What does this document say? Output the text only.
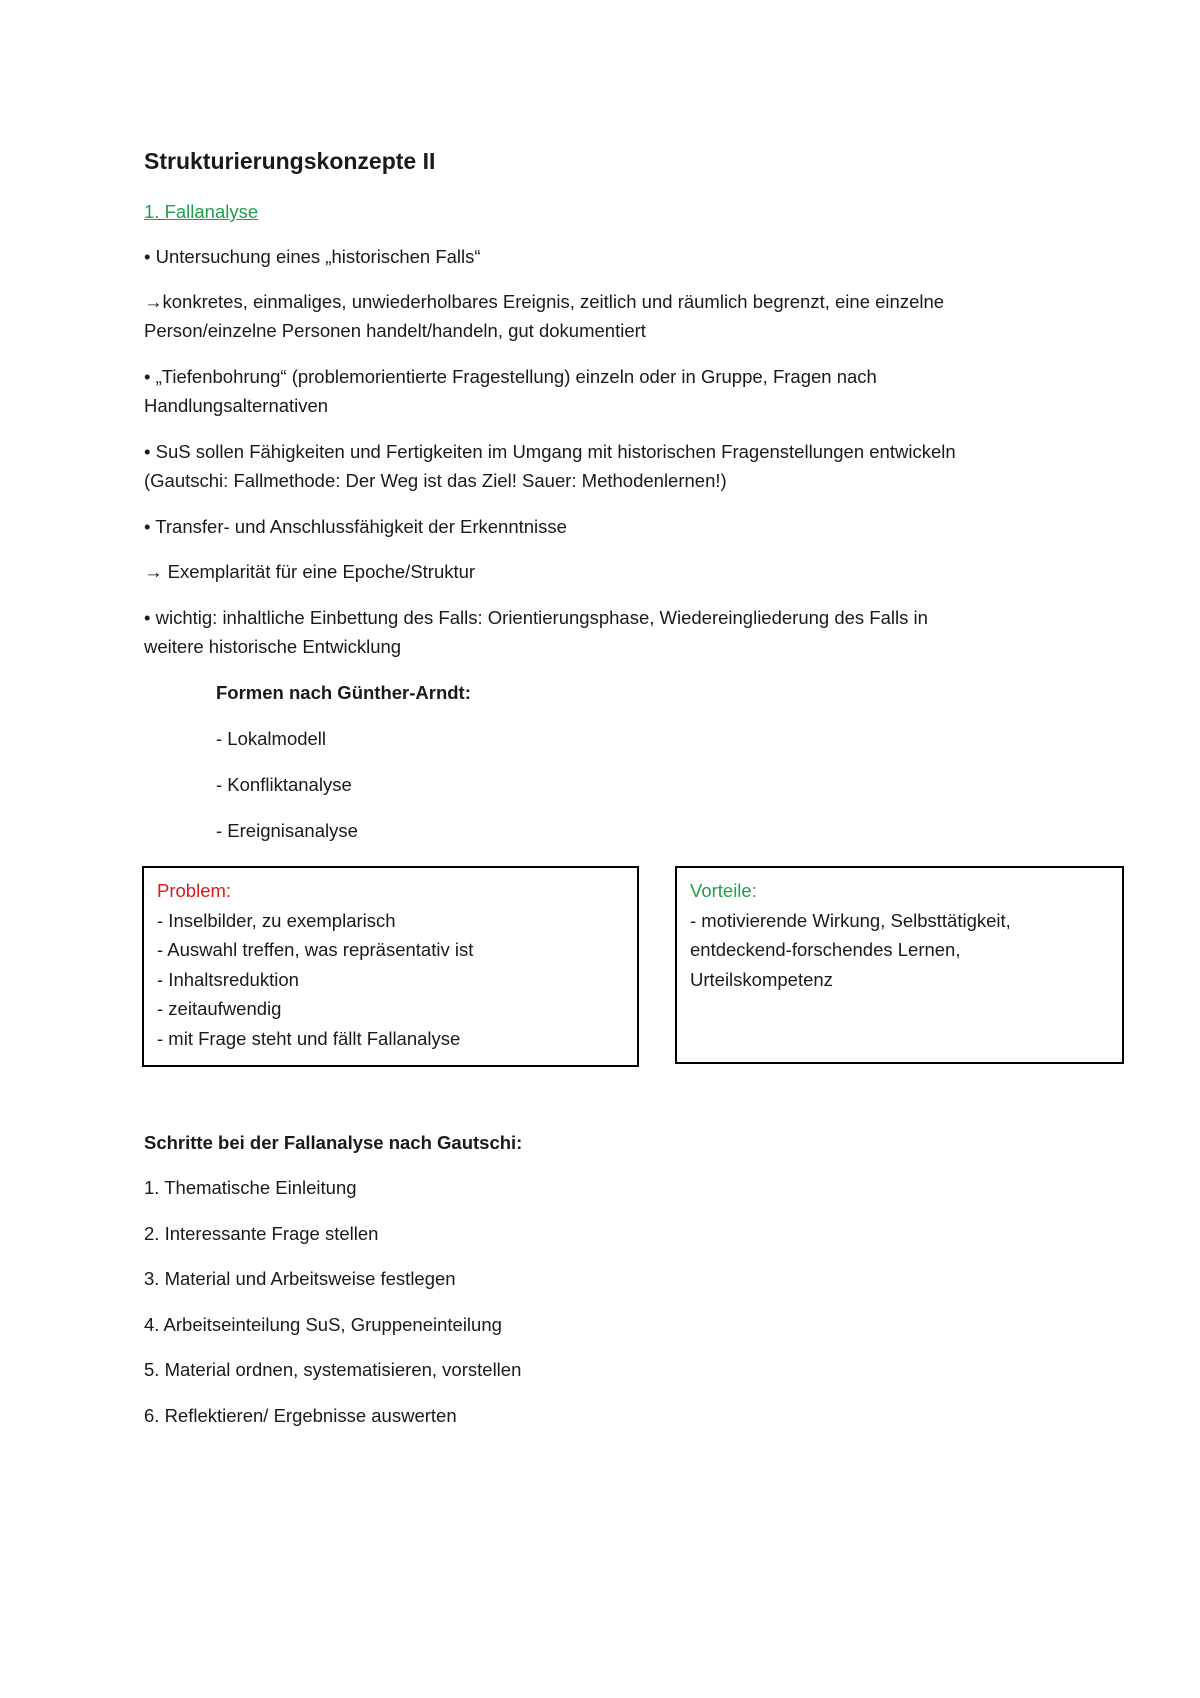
Strukturierungskonzepte II
1. Fallanalyse
• Untersuchung eines „historischen Falls“
→konkretes, einmaliges, unwiederholbares Ereignis, zeitlich und räumlich begrenzt, eine einzelne
Person/einzelne Personen handelt/handeln, gut dokumentiert
• „Tiefenbohrung“ (problemorientierte Fragestellung) einzeln oder in Gruppe, Fragen nach
Handlungsalternativen
• SuS sollen Fähigkeiten und Fertigkeiten im Umgang mit historischen Fragenstellungen entwickeln
(Gautschi: Fallmethode: Der Weg ist das Ziel! Sauer: Methodenlernen!)
• Transfer- und Anschlussfähigkeit der Erkenntnisse
→ Exemplarität für eine Epoche/Struktur
• wichtig: inhaltliche Einbettung des Falls: Orientierungsphase, Wiedereingliederung des Falls in
weitere historische Entwicklung
Formen nach Günther-Arndt:
- Lokalmodell
- Konfliktanalyse
- Ereignisanalyse
Problem:
- Inselbilder, zu exemplarisch
- Auswahl treffen, was repräsentativ ist
- Inhaltsreduktion
- zeitaufwendig
- mit Frage steht und fällt Fallanalyse
Vorteile:
- motivierende Wirkung, Selbsttätigkeit,
entdeckend-forschendes Lernen,
Urteilskompetenz
Schritte bei der Fallanalyse nach Gautschi:
1. Thematische Einleitung
2. Interessante Frage stellen
3. Material und Arbeitsweise festlegen
4. Arbeitseinteilung SuS, Gruppeneinteilung
5. Material ordnen, systematisieren, vorstellen
6. Reflektieren/ Ergebnisse auswerten
